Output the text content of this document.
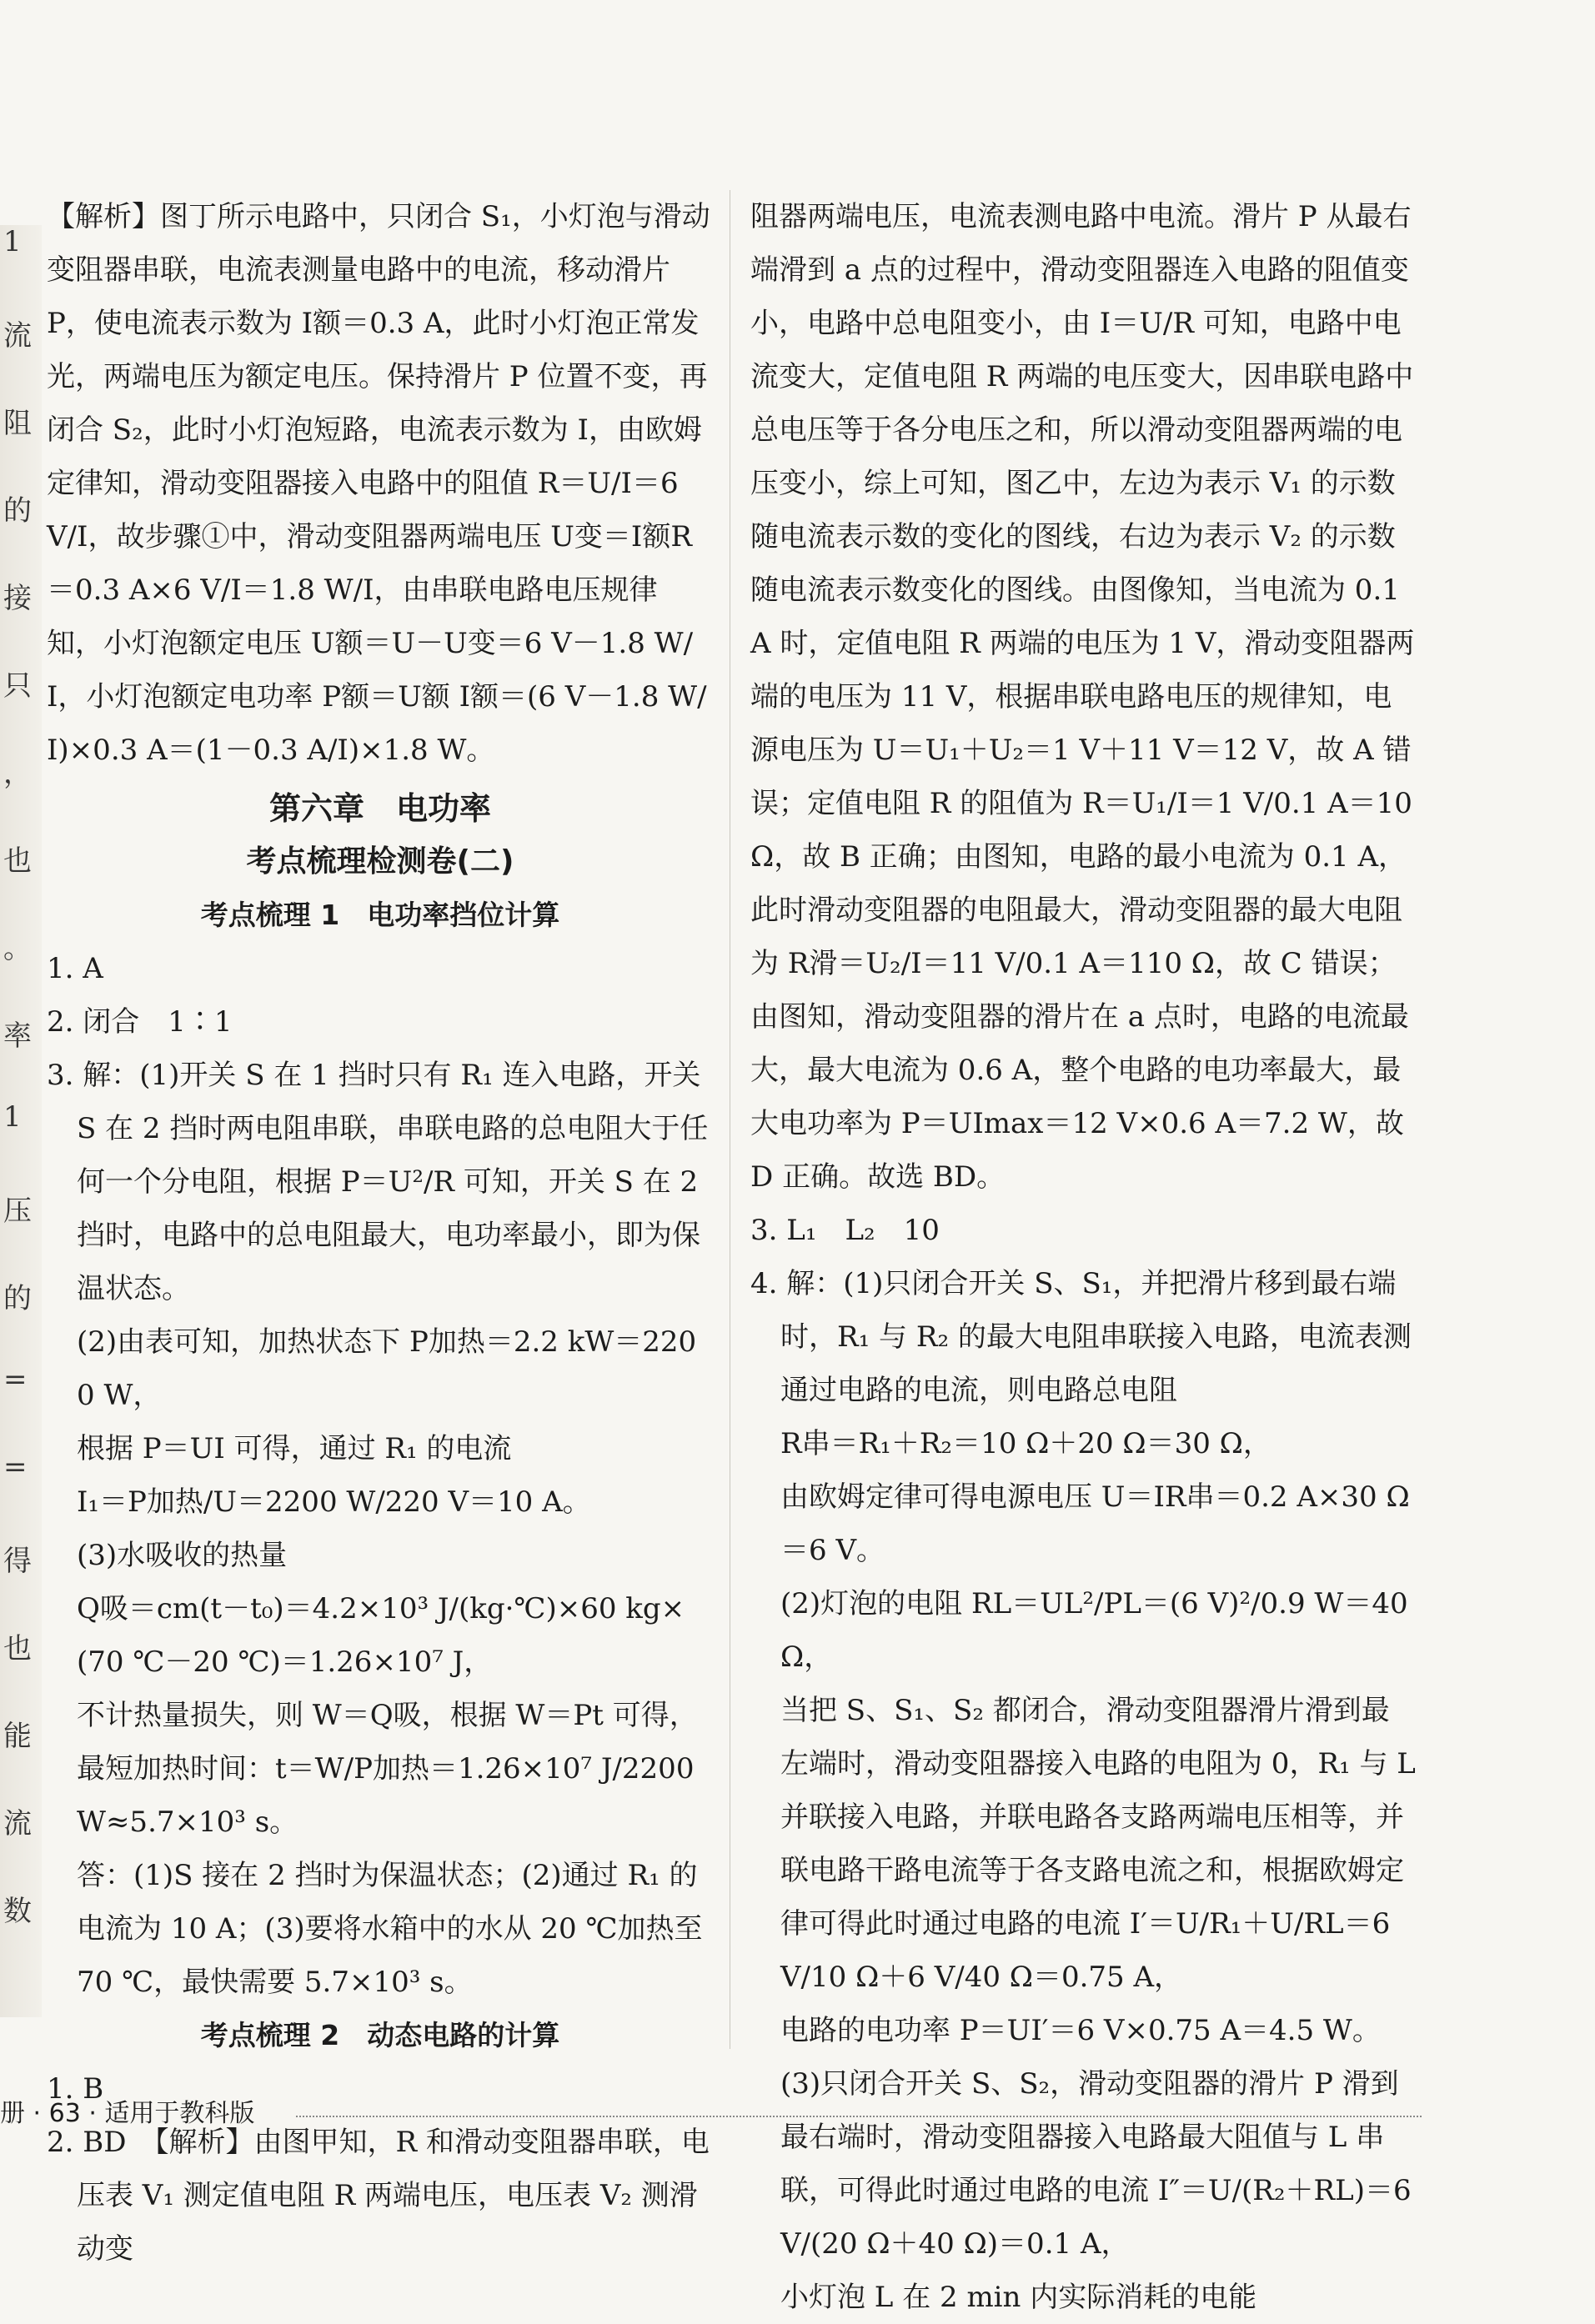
1
流
阻
的
接
只
，
也
。
率
1
压
的
=
=
得
也
能
流
数

【解析】图丁所示电路中，只闭合 S₁，小灯泡与滑动变阻器串联，电流表测量电路中的电流，移动滑片 P，使电流表示数为 I额＝0.3 A，此时小灯泡正常发光，两端电压为额定电压。保持滑片 P 位置不变，再闭合 S₂，此时小灯泡短路，电流表示数为 I，由欧姆定律知，滑动变阻器接入电路中的阻值 R＝U/I＝6 V/I，故步骤①中，滑动变阻器两端电压 U变＝I额R＝0.3 A×6 V/I＝1.8 W/I，由串联电路电压规律知，小灯泡额定电压 U额＝U－U变＝6 V－1.8 W/I，小灯泡额定电功率 P额＝U额 I额＝(6 V－1.8 W/I)×0.3 A＝(1－0.3 A/I)×1.8 W。

第六章　电功率

考点梳理检测卷(二)

考点梳理 1　电功率挡位计算

1. A

2. 闭合　1∶1

3. 解：(1)开关 S 在 1 挡时只有 R₁ 连入电路，开关 S 在 2 挡时两电阻串联，串联电路的总电阻大于任何一个分电阻，根据 P＝U²/R 可知，开关 S 在 2 挡时，电路中的总电阻最大，电功率最小，即为保温状态。

(2)由表可知，加热状态下 P加热＝2.2 kW＝2200 W，

根据 P＝UI 可得，通过 R₁ 的电流

I₁＝P加热/U＝2200 W/220 V＝10 A。

(3)水吸收的热量

Q吸＝cm(t－t₀)＝4.2×10³ J/(kg·℃)×60 kg×(70 ℃－20 ℃)＝1.26×10⁷ J，

不计热量损失，则 W＝Q吸，根据 W＝Pt 可得，最短加热时间：t＝W/P加热＝1.26×10⁷ J/2200 W≈5.7×10³ s。

答：(1)S 接在 2 挡时为保温状态；(2)通过 R₁ 的电流为 10 A；(3)要将水箱中的水从 20 ℃加热至 70 ℃，最快需要 5.7×10³ s。

考点梳理 2　动态电路的计算

1. B

2. BD　【解析】由图甲知，R 和滑动变阻器串联，电压表 V₁ 测定值电阻 R 两端电压，电压表 V₂ 测滑动变

阻器两端电压，电流表测电路中电流。滑片 P 从最右端滑到 a 点的过程中，滑动变阻器连入电路的阻值变小，电路中总电阻变小，由 I＝U/R 可知，电路中电流变大，定值电阻 R 两端的电压变大，因串联电路中总电压等于各分电压之和，所以滑动变阻器两端的电压变小，综上可知，图乙中，左边为表示 V₁ 的示数随电流表示数的变化的图线，右边为表示 V₂ 的示数随电流表示数变化的图线。由图像知，当电流为 0.1 A 时，定值电阻 R 两端的电压为 1 V，滑动变阻器两端的电压为 11 V，根据串联电路电压的规律知，电源电压为 U＝U₁＋U₂＝1 V＋11 V＝12 V，故 A 错误；定值电阻 R 的阻值为 R＝U₁/I＝1 V/0.1 A＝10 Ω，故 B 正确；由图知，电路的最小电流为 0.1 A，此时滑动变阻器的电阻最大，滑动变阻器的最大电阻为 R滑＝U₂/I＝11 V/0.1 A＝110 Ω，故 C 错误；由图知，滑动变阻器的滑片在 a 点时，电路的电流最大，最大电流为 0.6 A，整个电路的电功率最大，最大电功率为 P＝UImax＝12 V×0.6 A＝7.2 W，故 D 正确。故选 BD。

3. L₁　L₂　10

4. 解：(1)只闭合开关 S、S₁，并把滑片移到最右端时，R₁ 与 R₂ 的最大电阻串联接入电路，电流表测通过电路的电流，则电路总电阻

R串＝R₁＋R₂＝10 Ω＋20 Ω＝30 Ω，

由欧姆定律可得电源电压 U＝IR串＝0.2 A×30 Ω＝6 V。

(2)灯泡的电阻 RL＝UL²/PL＝(6 V)²/0.9 W＝40 Ω，

当把 S、S₁、S₂ 都闭合，滑动变阻器滑片滑到最左端时，滑动变阻器接入电路的电阻为 0，R₁ 与 L 并联接入电路，并联电路各支路两端电压相等，并联电路干路电流等于各支路电流之和，根据欧姆定律可得此时通过电路的电流 I′＝U/R₁＋U/RL＝6 V/10 Ω＋6 V/40 Ω＝0.75 A，

电路的电功率 P＝UI′＝6 V×0.75 A＝4.5 W。

(3)只闭合开关 S、S₂，滑动变阻器的滑片 P 滑到最右端时，滑动变阻器接入电路最大阻值与 L 串联，可得此时通过电路的电流 I″＝U/(R₂＋RL)＝6 V/(20 Ω＋40 Ω)＝0.1 A，

小灯泡 L 在 2 min 内实际消耗的电能

册 · 63 · 适用于教科版
